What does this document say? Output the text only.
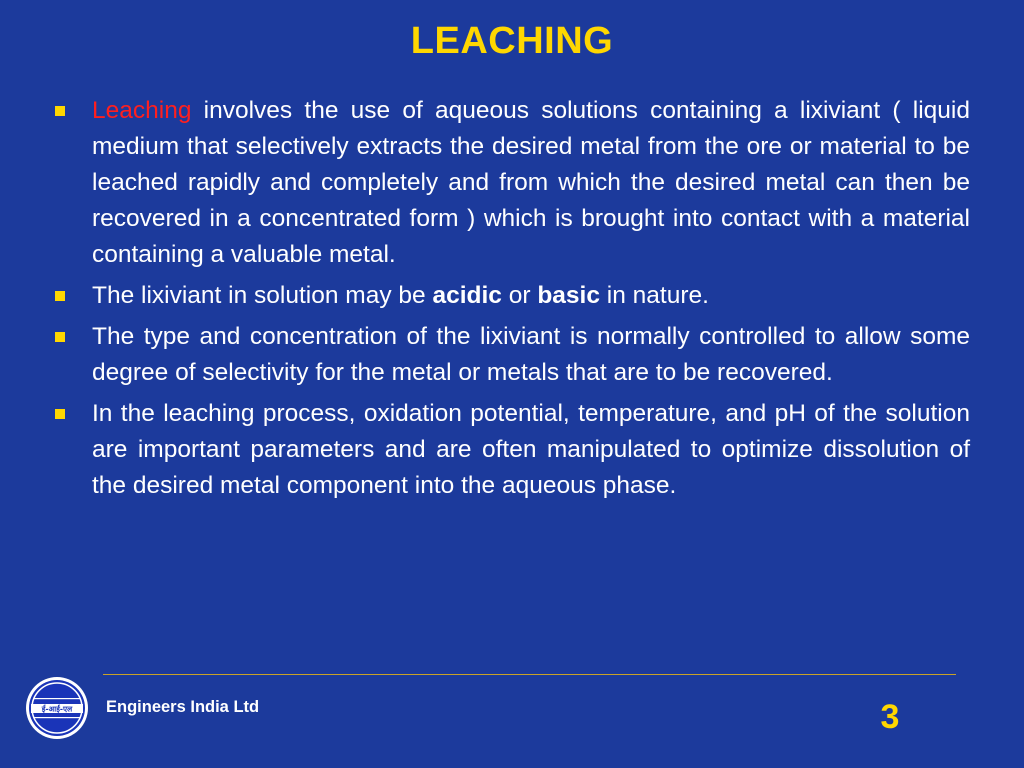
LEACHING
Leaching involves the use of aqueous solutions containing a lixiviant ( liquid medium that selectively extracts the desired metal from the ore or material to be leached rapidly and completely and from which the desired metal can then be recovered in a concentrated form ) which is brought into contact with a material containing a valuable metal.
The lixiviant in solution may be acidic or basic in nature.
The type and concentration of the lixiviant is normally controlled to allow some degree of selectivity for the metal or metals that are to be recovered.
In the leaching process, oxidation potential, temperature, and pH of the solution are important parameters and are often manipulated to optimize dissolution of the desired metal component into the aqueous phase.
ई-आई-एल Engineers India Ltd	3
